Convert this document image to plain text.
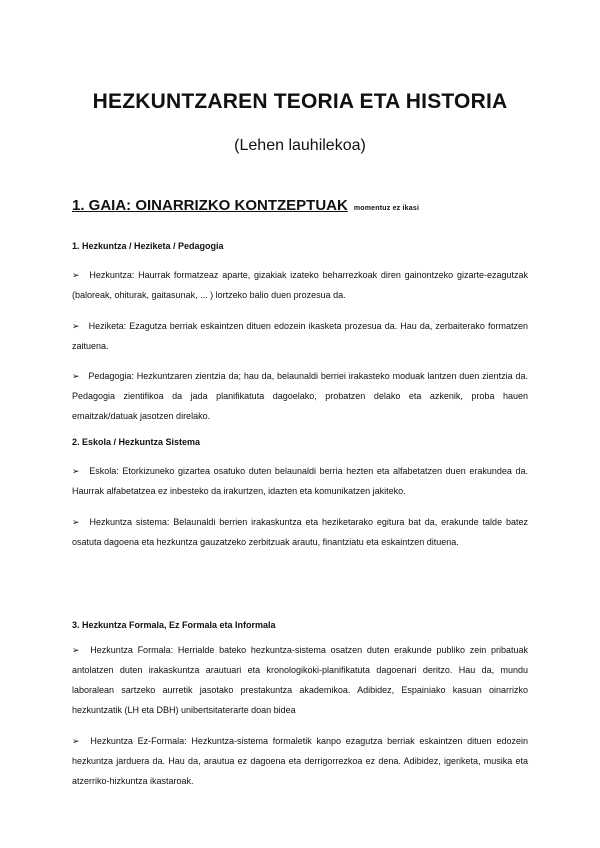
HEZKUNTZAREN TEORIA ETA HISTORIA
(Lehen lauhilekoa)
1. GAIA: OINARRIZKO KONTZEPTUAK momentuz ez ikasi
1. Hezkuntza / Heziketa / Pedagogia
➢ Hezkuntza: Haurrak formatzeaz aparte, gizakiak izateko beharrezkoak diren gainontzeko gizarte-ezagutzak (baloreak, ohiturak, gaitasunak, ... ) lortzeko balio duen prozesua da.
➢ Heziketa: Ezagutza berriak eskaintzen dituen edozein ikasketa prozesua da. Hau da, zerbaiterako formatzen zaituena.
➢ Pedagogia: Hezkuntzaren zientzia da; hau da, belaunaldi berriei irakasteko moduak lantzen duen zientzia da. Pedagogia zientifikoa da jada planifikatuta dagoelako, probatzen delako eta azkenik, proba hauen emaitzak/datuak jasotzen direlako.
2. Eskola / Hezkuntza Sistema
➢ Eskola: Etorkizuneko gizartea osatuko duten belaunaldi berria hezten eta alfabetatzen duen erakundea da. Haurrak alfabetatzea ez inbesteko da irakurtzen, idazten eta komunikatzen jakiteko.
➢ Hezkuntza sistema: Belaunaldi berrien irakaskuntza eta heziketarako egitura bat da, erakunde talde batez osatuta dagoena eta hezkuntza gauzatzeko zerbitzuak arautu, finantziatu eta eskaintzen dituena.
3. Hezkuntza Formala, Ez Formala eta Informala
➢ Hezkuntza Formala: Herrialde bateko hezkuntza-sistema osatzen duten erakunde publiko zein pribatuak antolatzen duten irakaskuntza arautuari eta kronologikoki-planifikatuta dagoenari deritzo. Hau da, mundu laboralean sartzeko aurretik jasotako prestakuntza akademikoa. Adibidez, Espainiako kasuan oinarrizko hezkuntzatik (LH eta DBH) unibertsitaterarte doan bidea
➢ Hezkuntza Ez-Formala: Hezkuntza-sistema formaletik kanpo ezagutza berriak eskaintzen dituen edozein hezkuntza jarduera da. Hau da, arautua ez dagoena eta derrigorrezkoa ez dena. Adibidez, igeriketa, musika eta atzerriko-hizkuntza ikastaroak.
